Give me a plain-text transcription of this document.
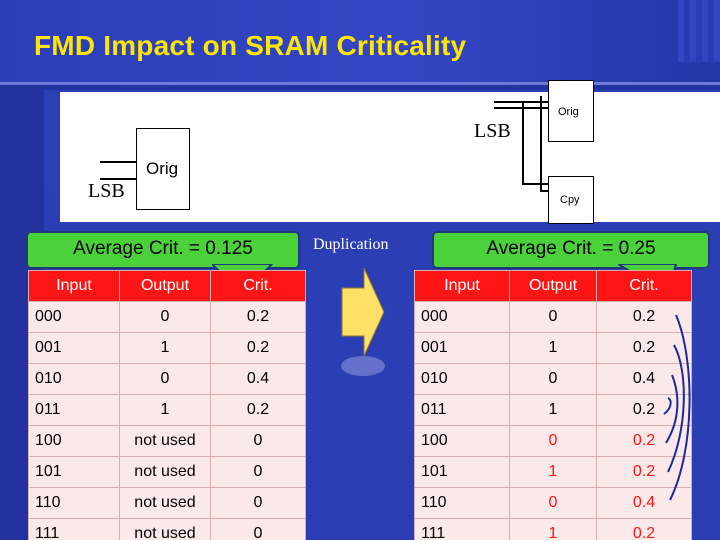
FMD Impact on SRAM Criticality
Orig
LSB
Orig
Cpy
LSB
Average Crit. = 0.125	Average Crit. = 0.25
Duplication
Input	Output	Crit.
000	0	0.2
001	1	0.2
010	0	0.4
011	1	0.2
100	not used	0
101	not used	0
110	not used	0
111	not used	0
Input	Output	Crit.
000	0	0.2
001	1	0.2
010	0	0.4
011	1	0.2
100	0	0.2
101	1	0.2
110	0	0.4
111	1	0.2
